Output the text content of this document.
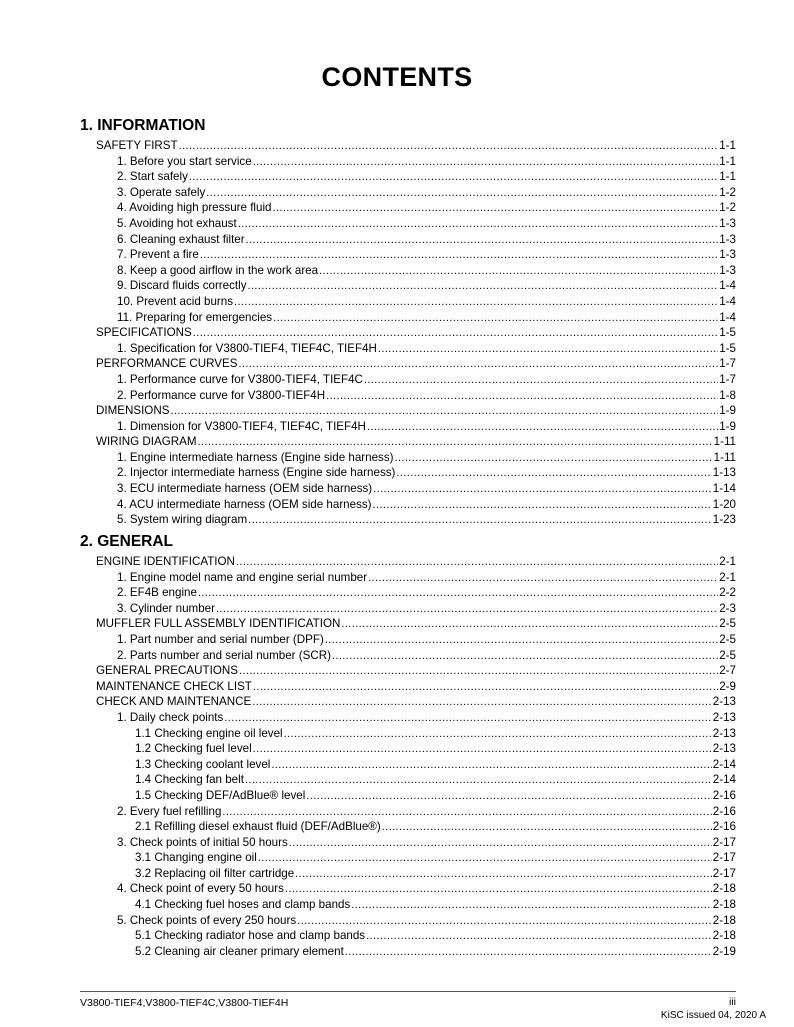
CONTENTS
1. INFORMATION
SAFETY FIRST .....	1-1
1. Before you start service .....	1-1
2. Start safely .....	1-1
3. Operate safely .....	1-2
4. Avoiding high pressure fluid .....	1-2
5. Avoiding hot exhaust .....	1-3
6. Cleaning exhaust filter .....	1-3
7. Prevent a fire .....	1-3
8. Keep a good airflow in the work area .....	1-3
9. Discard fluids correctly .....	1-4
10. Prevent acid burns .....	1-4
11. Preparing for emergencies .....	1-4
SPECIFICATIONS .....	1-5
1. Specification for V3800-TIEF4, TIEF4C, TIEF4H .....	1-5
PERFORMANCE CURVES .....	1-7
1. Performance curve for V3800-TIEF4, TIEF4C .....	1-7
2. Performance curve for V3800-TIEF4H .....	1-8
DIMENSIONS .....	1-9
1. Dimension for V3800-TIEF4, TIEF4C, TIEF4H .....	1-9
WIRING DIAGRAM .....	1-11
1. Engine intermediate harness (Engine side harness) .....	1-11
2. Injector intermediate harness (Engine side harness) .....	1-13
3. ECU intermediate harness (OEM side harness) .....	1-14
4. ACU intermediate harness (OEM side harness) .....	1-20
5. System wiring diagram .....	1-23
2. GENERAL
ENGINE IDENTIFICATION .....	2-1
1. Engine model name and engine serial number .....	2-1
2. EF4B engine .....	2-2
3. Cylinder number .....	2-3
MUFFLER FULL ASSEMBLY IDENTIFICATION .....	2-5
1. Part number and serial number (DPF) .....	2-5
2. Parts number and serial number (SCR) .....	2-5
GENERAL PRECAUTIONS .....	2-7
MAINTENANCE CHECK LIST .....	2-9
CHECK AND MAINTENANCE .....	2-13
1. Daily check points .....	2-13
1.1 Checking engine oil level .....	2-13
1.2 Checking fuel level .....	2-13
1.3 Checking coolant level .....	2-14
1.4 Checking fan belt .....	2-14
1.5 Checking DEF/AdBlue® level .....	2-16
2. Every fuel refilling .....	2-16
2.1 Refilling diesel exhaust fluid (DEF/AdBlue®) .....	2-16
3. Check points of initial 50 hours .....	2-17
3.1 Changing engine oil .....	2-17
3.2 Replacing oil filter cartridge .....	2-17
4. Check point of every 50 hours .....	2-18
4.1 Checking fuel hoses and clamp bands .....	2-18
5. Check points of every 250 hours .....	2-18
5.1 Checking radiator hose and clamp bands .....	2-18
5.2 Cleaning air cleaner primary element .....	2-19
V3800-TIEF4,V3800-TIEF4C,V3800-TIEF4H	iii
KiSC issued 04, 2020 A
